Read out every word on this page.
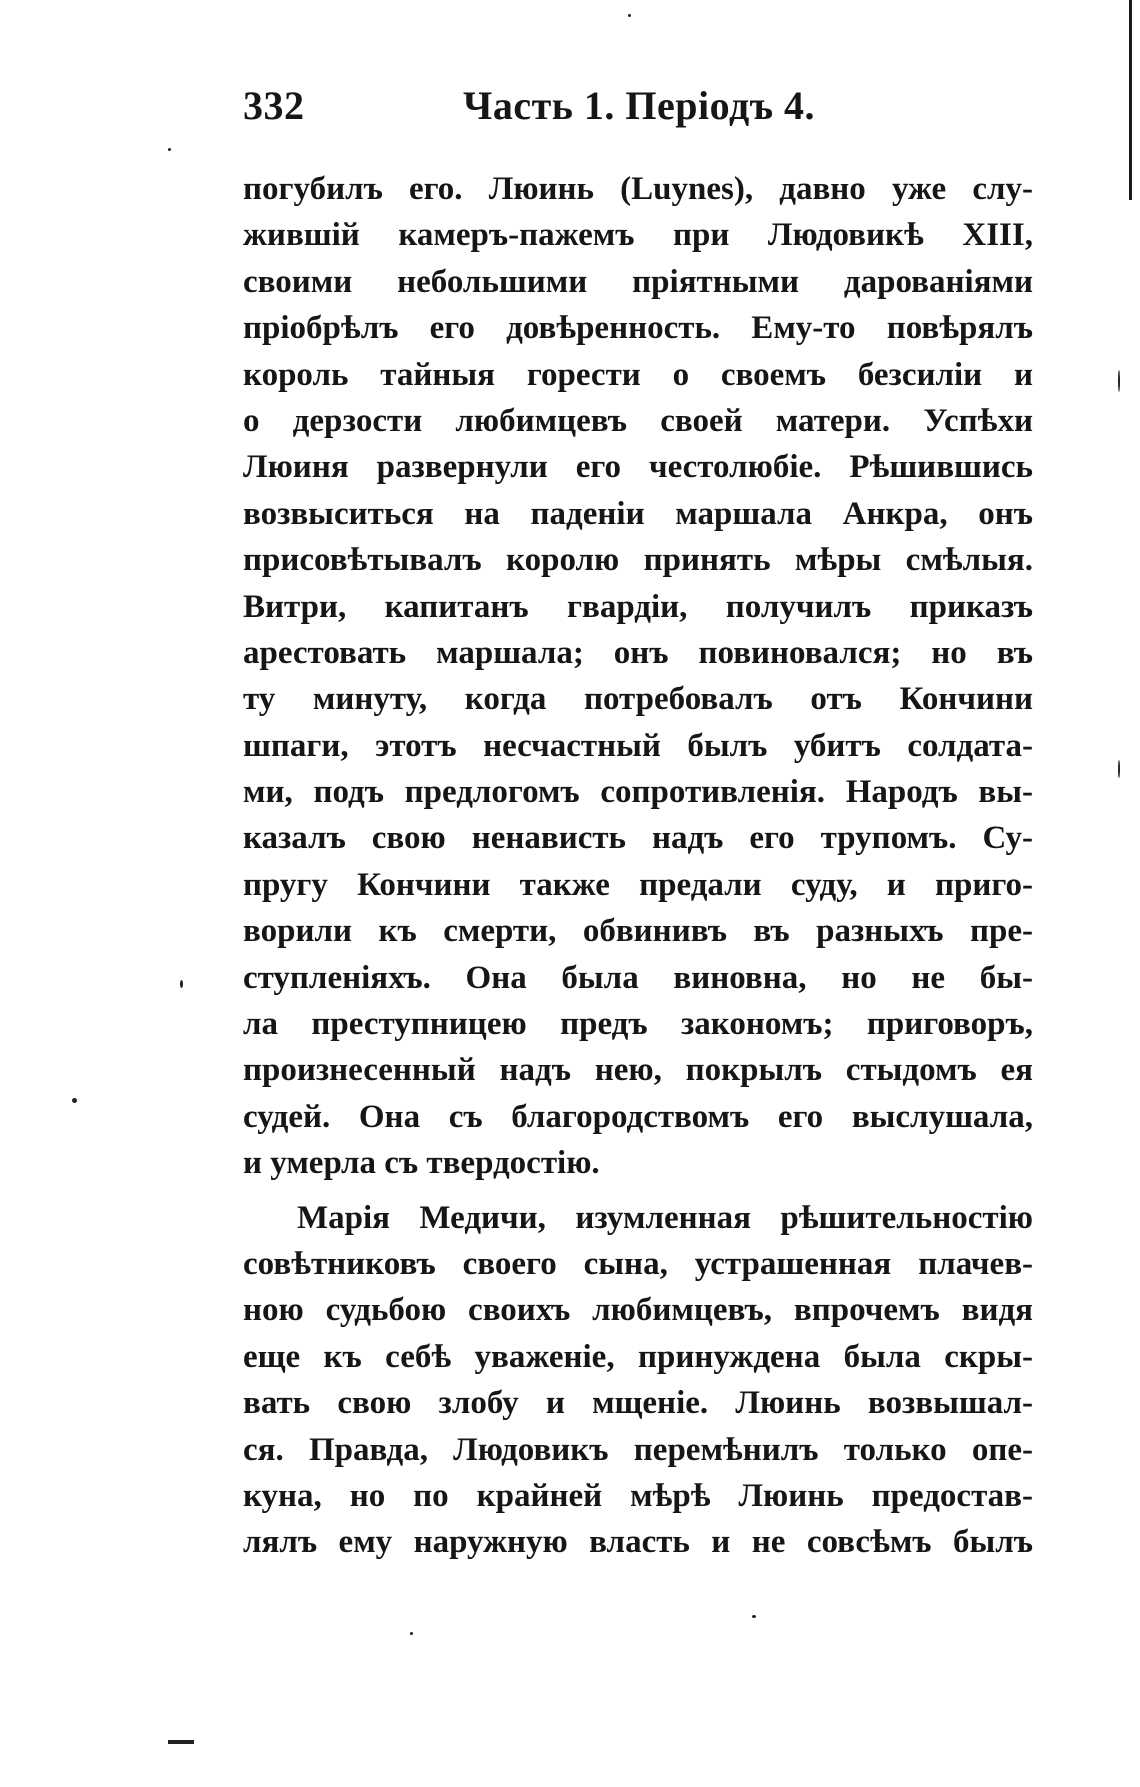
332	Часть 1. Перiодъ 4.
погубилъ его. Люинь (Luynes), давно уже слу-
жившiй камеръ-пажемъ при Людовикѣ XIII,
своими небольшими прiятными дарованiями
прiобрѣлъ его довѣренность. Ему-то повѣрялъ
король тайныя горести о своемъ безсилiи и
о дерзости любимцевъ своей матери. Успѣхи
Люиня развернули его честолюбiе. Рѣшившись
возвыситься на паденiи маршала Анкра, онъ
присовѣтывалъ королю принять мѣры смѣлыя.
Витри, капитанъ гвардiи, получилъ приказъ
арестовать маршала; онъ повиновался; но въ
ту минуту, когда потребовалъ отъ Кончини
шпаги, этотъ несчастный былъ убитъ солдата-
ми, подъ предлогомъ сопротивленiя. Народъ вы-
казалъ свою ненависть надъ его трупомъ. Су-
пругу Кончини также предали суду, и приго-
ворили къ смерти, обвинивъ въ разныхъ пре-
ступленiяхъ. Она была виновна, но не бы-
ла преступницею предъ закономъ; приговоръ,
произнесенный надъ нею, покрылъ стыдомъ ея
судей. Она съ благородствомъ его выслушала,
и умерла съ твердостiю.
Марiя Медичи, изумленная рѣшительностiю
совѣтниковъ своего сына, устрашенная плачев-
ною судьбою своихъ любимцевъ, впрочемъ видя
еще къ себѣ уваженiе, принуждена была скры-
вать свою злобу и мщенiе. Люинь возвышал-
ся. Правда, Людовикъ перемѣнилъ только опе-
куна, но по крайней мѣрѣ Люинь предостав-
лялъ ему наружную власть и не совсѣмъ былъ
